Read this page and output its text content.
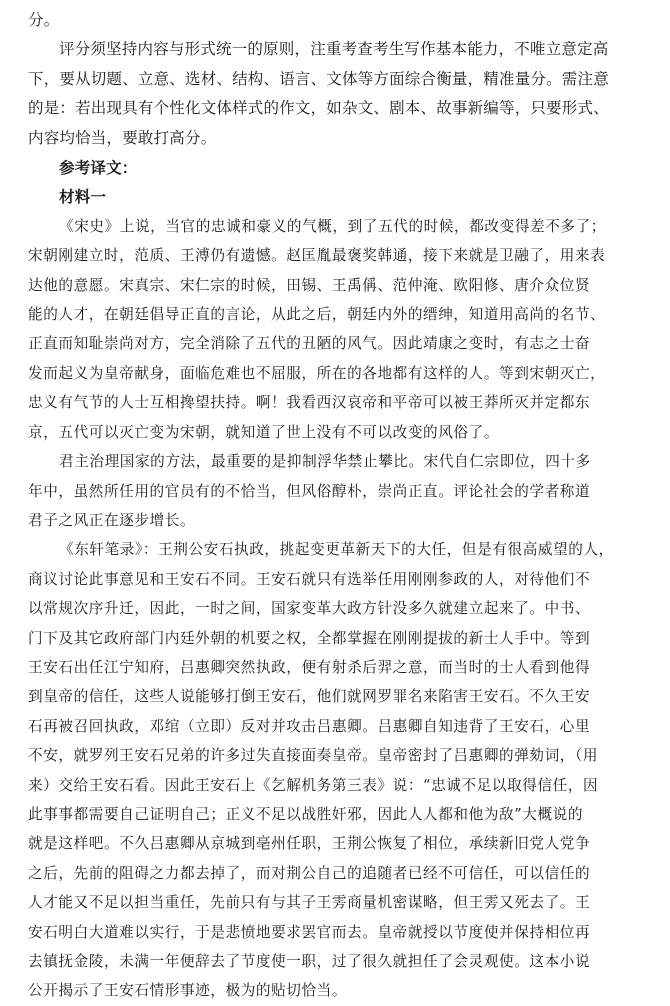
分。
评分须坚持内容与形式统一的原则，注重考查考生写作基本能力，不唯立意定高
下，要从切题、立意、选材、结构、语言、文体等方面综合衡量，精准量分。需注意
的是：若出现具有个性化文体样式的作文，如杂文、剧本、故事新编等，只要形式、
内容均恰当，要敢打高分。
参考译文：
材料一
《宋史》上说，当官的忠诚和豪义的气概，到了五代的时候，都改变得差不多了；
宋朝刚建立时，范质、王溥仍有遗憾。赵匡胤最褒奖韩通，接下来就是卫融了，用来表
达他的意愿。宋真宗、宋仁宗的时候，田锡、王禹偁、范仲淹、欧阳修、唐介众位贤
能的人才，在朝廷倡导正直的言论，从此之后，朝廷内外的缙绅，知道用高尚的名节、
正直而知耻崇尚对方，完全消除了五代的丑陋的风气。因此靖康之变时，有志之士奋
发而起义为皇帝献身，面临危难也不屈服，所在的各地都有这样的人。等到宋朝灭亡，
忠义有气节的人士互相搀望扶持。啊！我看西汉哀帝和平帝可以被王莽所灭并定都东
京，五代可以灭亡变为宋朝，就知道了世上没有不可以改变的风俗了。
君主治理国家的方法，最重要的是抑制浮华禁止攀比。宋代自仁宗即位，四十多
年中，虽然所任用的官员有的不恰当，但风俗醇朴，崇尚正直。评论社会的学者称道
君子之风正在逐步增长。
《东轩笔录》：王荆公安石执政，挑起变更革新天下的大任，但是有很高威望的人，
商议讨论此事意见和王安石不同。王安石就只有选举任用刚刚参政的人，对待他们不
以常规次序升迁，因此，一时之间，国家变革大政方针没多久就建立起来了。中书、
门下及其它政府部门内廷外朝的机要之权，全都掌握在刚刚提拔的新士人手中。等到
王安石出任江宁知府，吕惠卿突然执政，便有射杀后羿之意，而当时的士人看到他得
到皇帝的信任，这些人说能够打倒王安石，他们就网罗罪名来陷害王安石。不久王安
石再被召回执政，邓绾（立即）反对并攻击吕惠卿。吕惠卿自知违背了王安石，心里
不安，就罗列王安石兄弟的许多过失直接面奏皇帝。皇帝密封了吕惠卿的弹劾词，（用
来）交给王安石看。因此王安石上《乞解机务第三表》说：“忠诚不足以取得信任，因
此事事都需要自己证明自己；正义不足以战胜奸邪，因此人人都和他为敌”大概说的
就是这样吧。不久吕惠卿从京城到亳州任职，王荆公恢复了相位，承续新旧党人党争
之后，先前的阻碍之力都去掉了，而对荆公自己的追随者已经不可信任，可以信任的
人才能又不足以担当重任，先前只有与其子王雱商量机密谋略，但王雱又死去了。王
安石明白大道难以实行，于是悲愤地要求罢官而去。皇帝就授以节度使并保持相位再
去镇抚金陵，未满一年便辞去了节度使一职，过了很久就担任了会灵观使。这本小说
公开揭示了王安石情形事迹，极为的贴切恰当。
